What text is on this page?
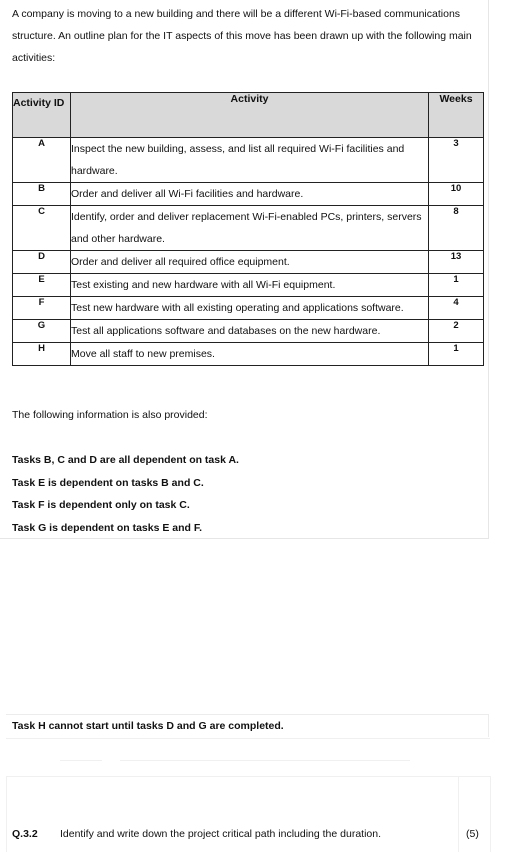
A company is moving to a new building and there will be a different Wi-Fi-based communications structure. An outline plan for the IT aspects of this move has been drawn up with the following main activities:

Activity ID	Activity	Weeks
A	Inspect the new building, assess, and list all required Wi-Fi facilities and hardware.	3
B	Order and deliver all Wi-Fi facilities and hardware.	10
C	Identify, order and deliver replacement Wi-Fi-enabled PCs, printers, servers and other hardware.	8
D	Order and deliver all required office equipment.	13
E	Test existing and new hardware with all Wi-Fi equipment.	1
F	Test new hardware with all existing operating and applications software.	4
G	Test all applications software and databases on the new hardware.	2
H	Move all staff to new premises.	1

The following information is also provided:

Tasks B, C and D are all dependent on task A.
Task E is dependent on tasks B and C.
Task F is dependent only on task C.
Task G is dependent on tasks E and F.

Task H cannot start until tasks D and G are completed.

Q.3.2 Identify and write down the project critical path including the duration.	(5)
